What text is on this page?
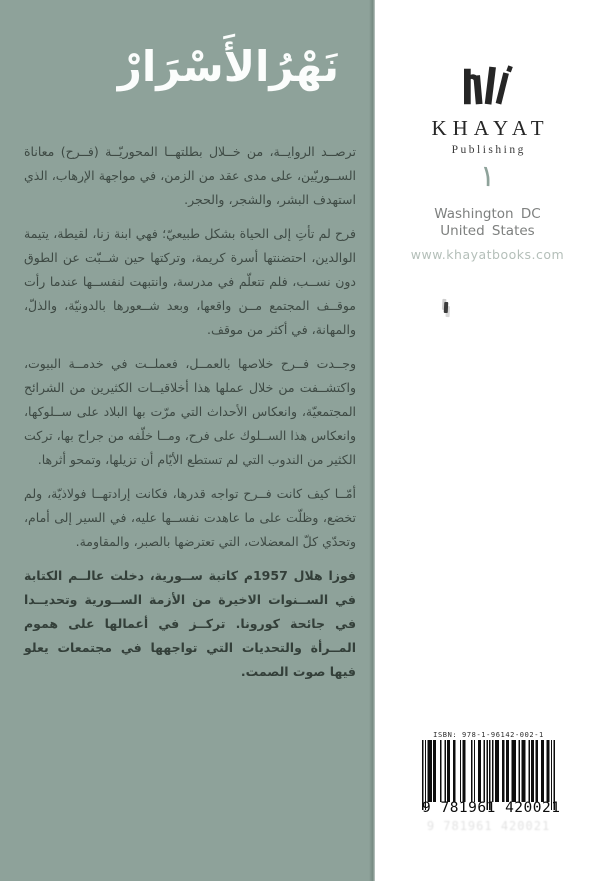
نَهْرُالأَسْرَارْ

ترصــد الروايــة، من خــلال بطلتهــا المحوريّــة (فــرح) معاناة الســوريّين، على مدى عقد من الزمن، في مواجهة الإرهاب، الذي استهدف البشر، والشجر، والحجر.

فرح لم تأتِ إلى الحياة بشكل طبيعيّ؛ فهي ابنة زنا، لقيطة، يتيمة الوالدين، احتضنتها أسرة كريمة، وتركتها حين شــبّت عن الطوق دون نســب، فلم تتعلّم في مدرسة، وانتبهت لنفســها عندما رأت موقــف المجتمع مــن واقعها، وبعد شــعورها بالدونيّة، والذلّ، والمهانة، في أكثر من موقف.

وجــدت فــرح خلاصها بالعمــل، فعملــت في خدمــة البيوت، واكتشــفت من خلال عملها هذا أخلاقيــات الكثيرين من الشرائح المجتمعيّة، وانعكاس الأحداث التي مرّت بها البلاد على ســلوكها، وانعكاس هذا الســلوك على فرح، ومــا خلّفه من جراح بها، تركت الكثير من الندوب التي لم تستطع الأيّام أن تزيلها، وتمحو أثرها.

أمّــا كيف كانت فــرح تواجه قدرها، فكانت إرادتهــا فولاذيّة، ولم تخضع، وظلّت على ما عاهدت نفســها عليه، في السير إلى أمام، وتحدّي كلّ المعضلات، التي تعترضها بالصبر، والمقاومة.

فوزا هلال 1957م كاتبة ســورية، دخلت عالــم الكتابة في الســنوات الاخيرة من الأزمة الســورية وتحديــدا في جائحة كورونا. تركــز في أعمالها على هموم المــرأة والتحديات التي تواجهها في مجتمعات يعلو فيها صوت الصمت.

KHAYAT
Publishing
١
Washington DC
United States
www.khayatbooks.com
ISBN: 978-1-96142-002-1
9 781961 420021
9 781961 420021
